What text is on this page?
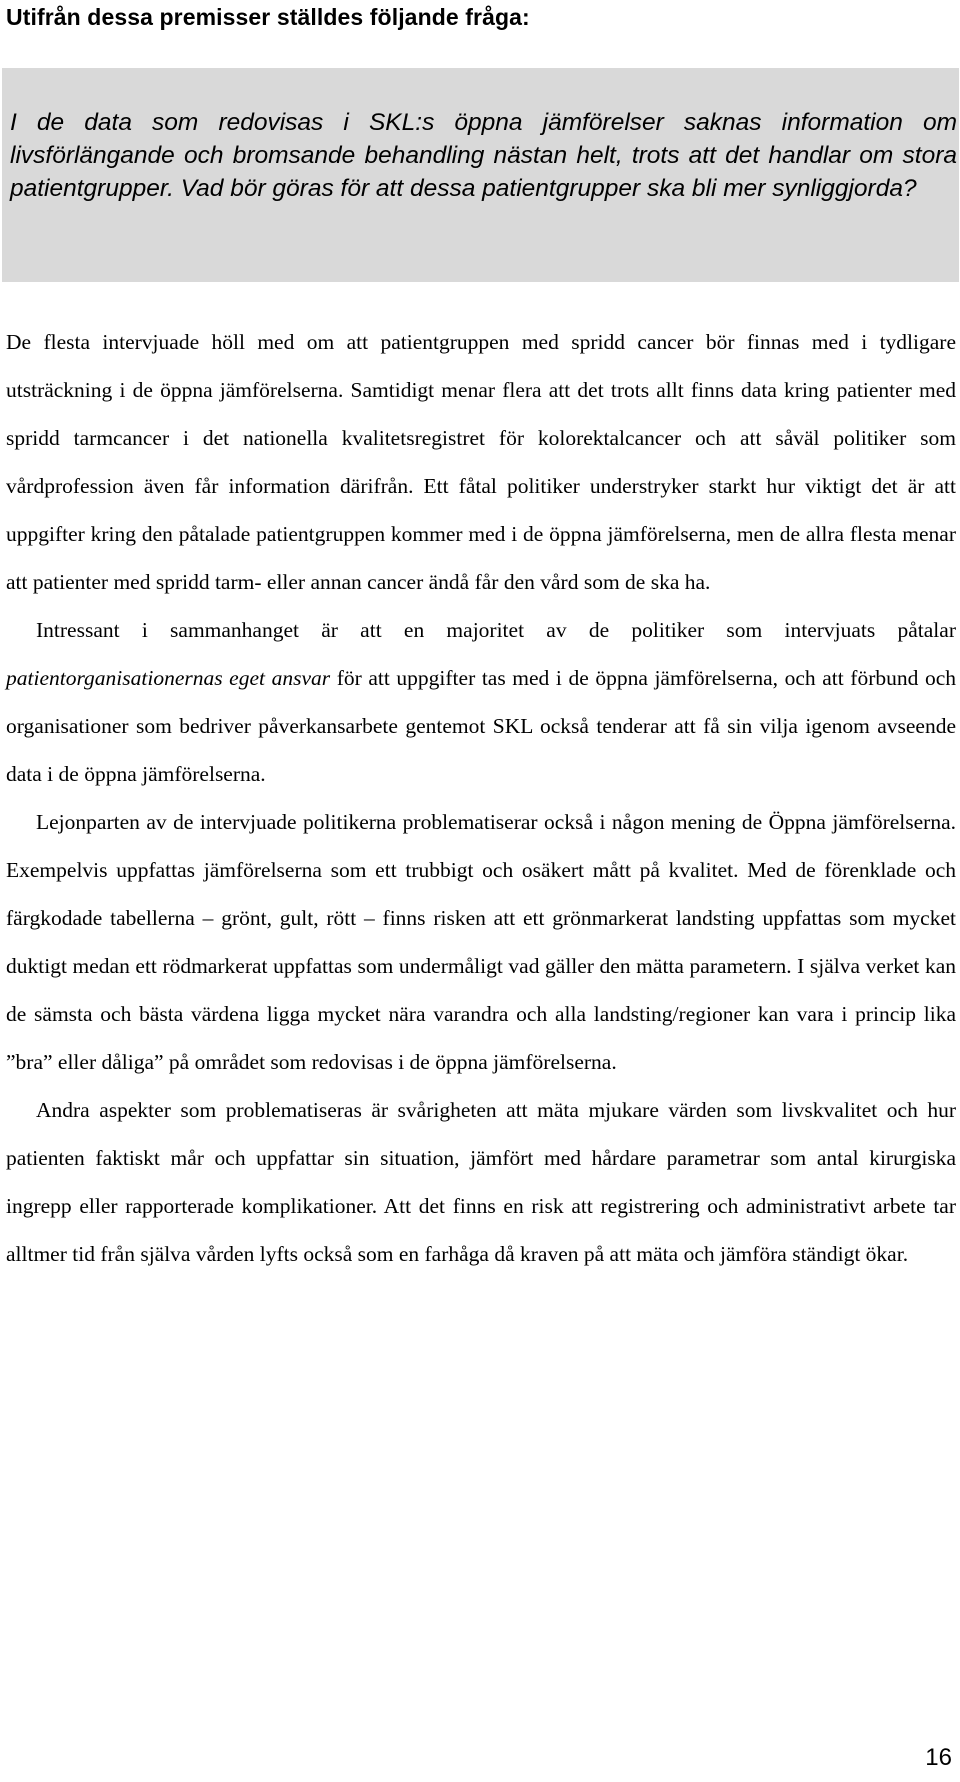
Utifrån dessa premisser ställdes följande fråga:

I de data som redovisas i SKL:s öppna jämförelser saknas information om livsförlängande och bromsande behandling nästan helt, trots att det handlar om stora patientgrupper. Vad bör göras för att dessa patientgrupper ska bli mer synliggjorda?

De flesta intervjuade höll med om att patientgruppen med spridd cancer bör finnas med i tydligare utsträckning i de öppna jämförelserna. Samtidigt menar flera att det trots allt finns data kring patienter med spridd tarmcancer i det nationella kvalitetsregistret för kolorektalcancer och att såväl politiker som vårdprofession även får information därifrån. Ett fåtal politiker understryker starkt hur viktigt det är att uppgifter kring den påtalade patientgruppen kommer med i de öppna jämförelserna, men de allra flesta menar att patienter med spridd tarm- eller annan cancer ändå får den vård som de ska ha.

Intressant i sammanhanget är att en majoritet av de politiker som intervjuats påtalar patientorganisationernas eget ansvar för att uppgifter tas med i de öppna jämförelserna, och att förbund och organisationer som bedriver påverkansarbete gentemot SKL också tenderar att få sin vilja igenom avseende data i de öppna jämförelserna.

Lejonparten av de intervjuade politikerna problematiserar också i någon mening de Öppna jämförelserna. Exempelvis uppfattas jämförelserna som ett trubbigt och osäkert mått på kvalitet. Med de förenklade och färgkodade tabellerna – grönt, gult, rött – finns risken att ett grönmarkerat landsting uppfattas som mycket duktigt medan ett rödmarkerat uppfattas som undermåligt vad gäller den mätta parametern. I själva verket kan de sämsta och bästa värdena ligga mycket nära varandra och alla landsting/regioner kan vara i princip lika ”bra” eller dåliga” på området som redovisas i de öppna jämförelserna.

Andra aspekter som problematiseras är svårigheten att mäta mjukare värden som livskvalitet och hur patienten faktiskt mår och uppfattar sin situation, jämfört med hårdare parametrar som antal kirurgiska ingrepp eller rapporterade komplikationer. Att det finns en risk att registrering och administrativt arbete tar alltmer tid från själva vården lyfts också som en farhåga då kraven på att mäta och jämföra ständigt ökar.

16
